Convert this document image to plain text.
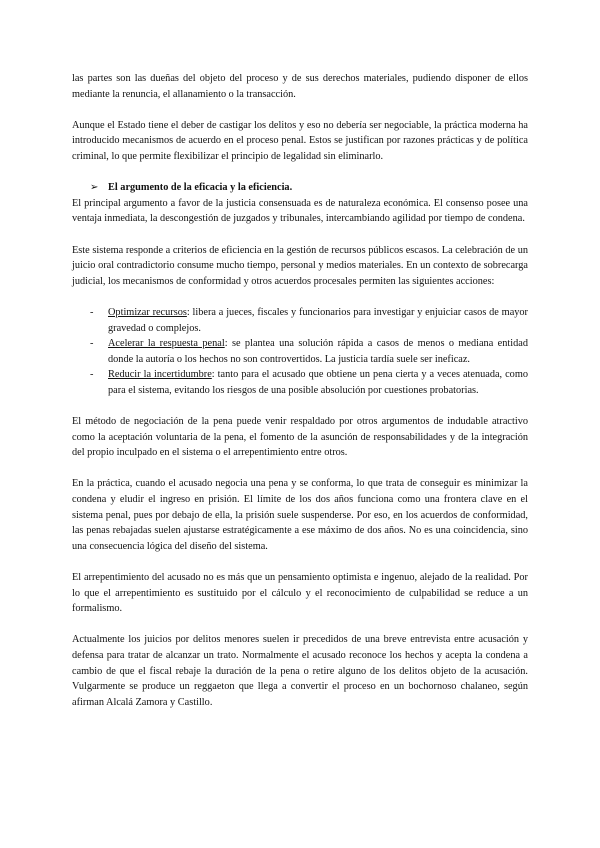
las partes son las dueñas del objeto del proceso y de sus derechos materiales, pudiendo disponer de ellos mediante la renuncia, el allanamiento o la transacción.

Aunque el Estado tiene el deber de castigar los delitos y eso no debería ser negociable, la práctica moderna ha introducido mecanismos de acuerdo en el proceso penal. Estos se justifican por razones prácticas y de política criminal, lo que permite flexibilizar el principio de legalidad sin eliminarlo.

➢ El argumento de la eficacia y la eficiencia.

El principal argumento a favor de la justicia consensuada es de naturaleza económica. El consenso posee una ventaja inmediata, la descongestión de juzgados y tribunales, intercambiando agilidad por tiempo de condena.

Este sistema responde a criterios de eficiencia en la gestión de recursos públicos escasos. La celebración de un juicio oral contradictorio consume mucho tiempo, personal y medios materiales. En un contexto de sobrecarga judicial, los mecanismos de conformidad y otros acuerdos procesales permiten las siguientes acciones:

- Optimizar recursos: libera a jueces, fiscales y funcionarios para investigar y enjuiciar casos de mayor gravedad o complejos.
- Acelerar la respuesta penal: se plantea una solución rápida a casos de menos o mediana entidad donde la autoría o los hechos no son controvertidos. La justicia tardía suele ser ineficaz.
- Reducir la incertidumbre: tanto para el acusado que obtiene un pena cierta y a veces atenuada, como para el sistema, evitando los riesgos de una posible absolución por cuestiones probatorias.

El método de negociación de la pena puede venir respaldado por otros argumentos de indudable atractivo como la aceptación voluntaria de la pena, el fomento de la asunción de responsabilidades y de la integración del propio inculpado en el sistema o el arrepentimiento entre otros.

En la práctica, cuando el acusado negocia una pena y se conforma, lo que trata de conseguir es minimizar la condena y eludir el ingreso en prisión. El límite de los dos años funciona como una frontera clave en el sistema penal, pues por debajo de ella, la prisión suele suspenderse. Por eso, en los acuerdos de conformidad, las penas rebajadas suelen ajustarse estratégicamente a ese máximo de dos años. No es una coincidencia, sino una consecuencia lógica del diseño del sistema.

El arrepentimiento del acusado no es más que un pensamiento optimista e ingenuo, alejado de la realidad. Por lo que el arrepentimiento es sustituido por el cálculo y el reconocimiento de culpabilidad se reduce a un formalismo.

Actualmente los juicios por delitos menores suelen ir precedidos de una breve entrevista entre acusación y defensa para tratar de alcanzar un trato. Normalmente el acusado reconoce los hechos y acepta la condena a cambio de que el fiscal rebaje la duración de la pena o retire alguno de los delitos objeto de la acusación. Vulgarmente se produce un reggaeton que llega a convertir el proceso en un bochornoso chalaneo, según afirman Alcalá Zamora y Castillo.
